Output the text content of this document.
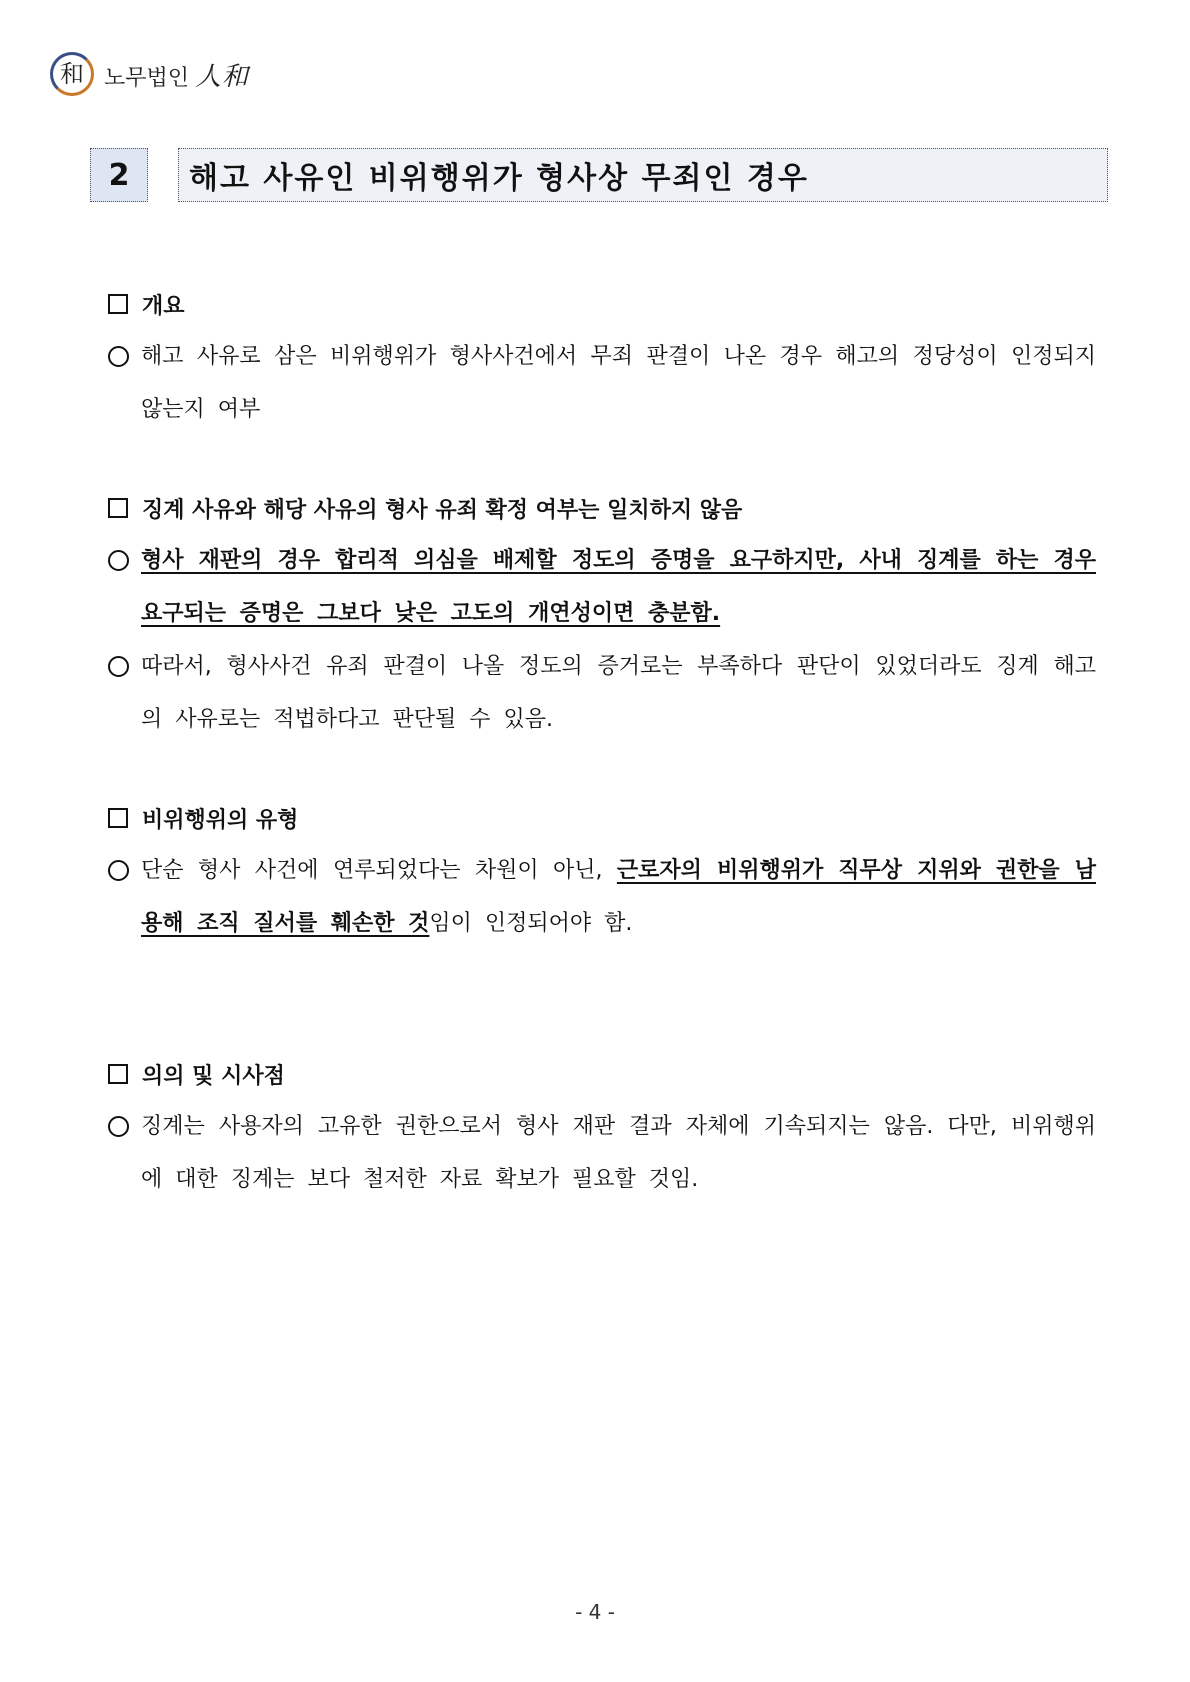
和 노무법인 人和
2	해고 사유인 비위행위가 형사상 무죄인 경우
개요
해고 사유로 삼은 비위행위가 형사사건에서 무죄 판결이 나온 경우 해고의 정당성이 인정되지 않는지 여부
징계 사유와 해당 사유의 형사 유죄 확정 여부는 일치하지 않음
형사 재판의 경우 합리적 의심을 배제할 정도의 증명을 요구하지만, 사내 징계를 하는 경우 요구되는 증명은 그보다 낮은 고도의 개연성이면 충분함.
따라서, 형사사건 유죄 판결이 나올 정도의 증거로는 부족하다 판단이 있었더라도 징계 해고의 사유로는 적법하다고 판단될 수 있음.
비위행위의 유형
단순 형사 사건에 연루되었다는 차원이 아닌, 근로자의 비위행위가 직무상 지위와 권한을 남용해 조직 질서를 훼손한 것임이 인정되어야 함.
의의 및 시사점
징계는 사용자의 고유한 권한으로서 형사 재판 결과 자체에 기속되지는 않음. 다만, 비위행위에 대한 징계는 보다 철저한 자료 확보가 필요할 것임.
- 4 -
